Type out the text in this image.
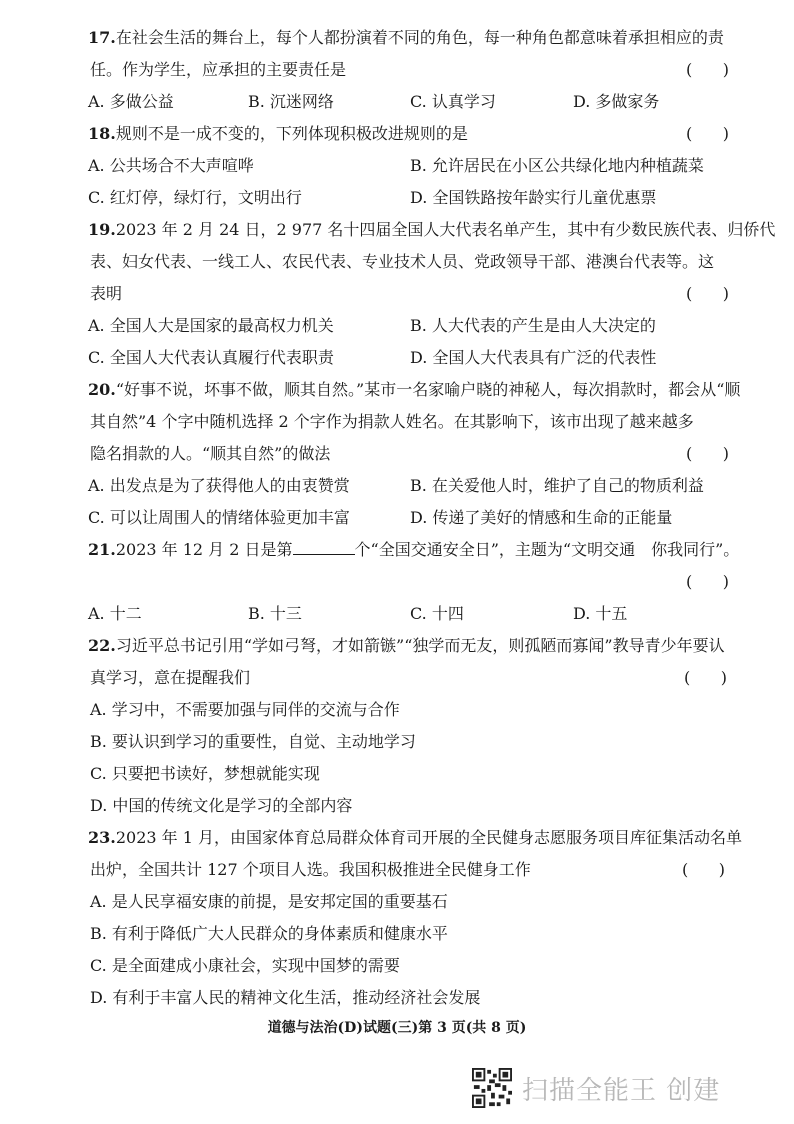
17.在社会生活的舞台上，每个人都扮演着不同的角色，每一种角色都意味着承担相应的责
任。作为学生，应承担的主要责任是	(      )
A. 多做公益	B. 沉迷网络	C. 认真学习	D. 多做家务
18.规则不是一成不变的，下列体现积极改进规则的是	(      )
A. 公共场合不大声喧哗	B. 允许居民在小区公共绿化地内种植蔬菜
C. 红灯停，绿灯行，文明出行	D. 全国铁路按年龄实行儿童优惠票
19.2023 年 2 月 24 日，2 977 名十四届全国人大代表名单产生，其中有少数民族代表、归侨代
表、妇女代表、一线工人、农民代表、专业技术人员、党政领导干部、港澳台代表等。这
表明	(      )
A. 全国人大是国家的最高权力机关	B. 人大代表的产生是由人大决定的
C. 全国人大代表认真履行代表职责	D. 全国人大代表具有广泛的代表性
20.“好事不说，坏事不做，顺其自然。”某市一名家喻户晓的神秘人，每次捐款时，都会从“顺
其自然”4 个字中随机选择 2 个字作为捐款人姓名。在其影响下，该市出现了越来越多
隐名捐款的人。“顺其自然”的做法	(      )
A. 出发点是为了获得他人的由衷赞赏	B. 在关爱他人时，维护了自己的物质利益
C. 可以让周围人的情绪体验更加丰富	D. 传递了美好的情感和生命的正能量
21.2023 年 12 月 2 日是第	个“全国交通安全日”，主题为“文明交通　你我同行”。
(      )
A. 十二	B. 十三	C. 十四	D. 十五
22.习近平总书记引用“学如弓弩，才如箭镞”“独学而无友，则孤陋而寡闻”教导青少年要认
真学习，意在提醒我们	(      )
A. 学习中，不需要加强与同伴的交流与合作
B. 要认识到学习的重要性，自觉、主动地学习
C. 只要把书读好，梦想就能实现
D. 中国的传统文化是学习的全部内容
23.2023 年 1 月，由国家体育总局群众体育司开展的全民健身志愿服务项目库征集活动名单
出炉，全国共计 127 个项目人选。我国积极推进全民健身工作	(      )
A. 是人民享福安康的前提，是安邦定国的重要基石
B. 有利于降低广大人民群众的身体素质和健康水平
C. 是全面建成小康社会，实现中国梦的需要
D. 有利于丰富人民的精神文化生活，推动经济社会发展
道德与法治(D)试题(三)第 3 页(共 8 页)
扫描全能王 创建
